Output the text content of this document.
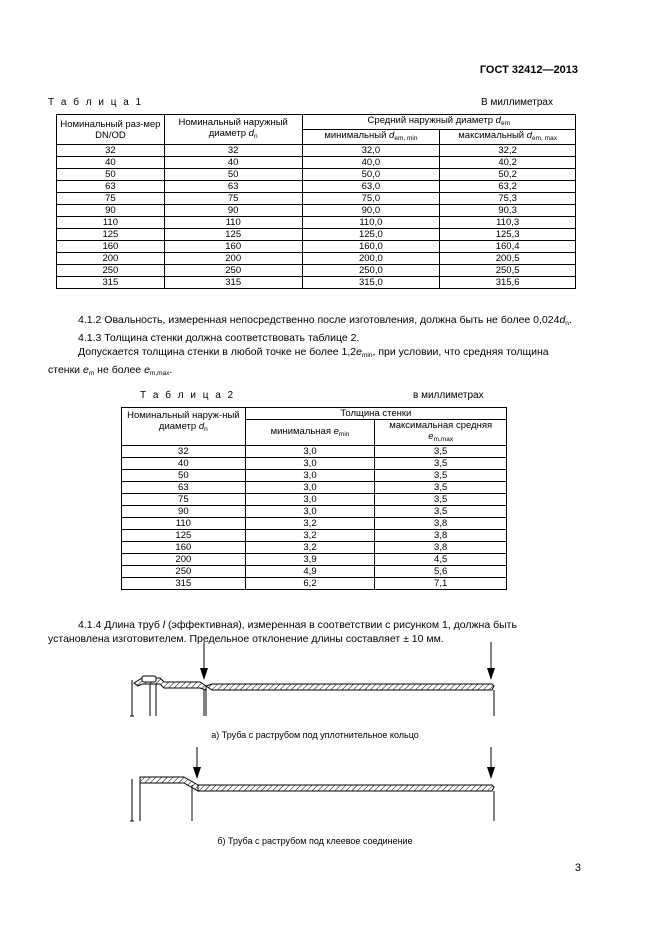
ГОСТ 32412—2013
Т а б л и ц а 1	В миллиметрах
Номинальный раз-мер DN/OD	Номинальный наружный диаметр $d_n$	Средний наружный диаметр $d_{em}$
		минимальный $d_{em, min}$	максимальный $d_{em, max}$
32	32	32,0	32,2
40	40	40,0	40,2
50	50	50,0	50,2
63	63	63,0	63,2
75	75	75,0	75,3
90	90	90,0	90,3
110	110	110,0	110,3
125	125	125,0	125,3
160	160	160,0	160,4
200	200	200,0	200,5
250	250	250,0	250,5
315	315	315,0	315,6
4.1.2 Овальность, измеренная непосредственно после изготовления, должна быть не более $0,024d_n$.
4.1.3 Толщина стенки должна соответствовать таблице 2.
Допускается толщина стенки в любой точке не более $1,2e_{min}$, при условии, что средняя толщина стенки $e_m$ не более $e_{m,max}$.
Т а б л и ц а 2	в миллиметрах
Номинальный наруж-ный диаметр $d_n$	Толщина стенки	
	минимальная $e_{min}$	максимальная средняя $e_{m,max}$
32	3,0	3,5
40	3,0	3,5
50	3,0	3,5
63	3,0	3,5
75	3,0	3,5
90	3,0	3,5
110	3,2	3,8
125	3,2	3,8
160	3,2	3,8
200	3,9	4,5
250	4,9	5,6
315	6,2	7,1
4.1.4 Длина труб l (эффективная), измеренная в соответствии с рисунком 1, должна быть установлена изготовителем. Предельное отклонение длины составляет ± 10 мм.
а) Труба с раструбом под уплотнительное кольцо
б) Труба с раструбом под клеевое соединение
3
